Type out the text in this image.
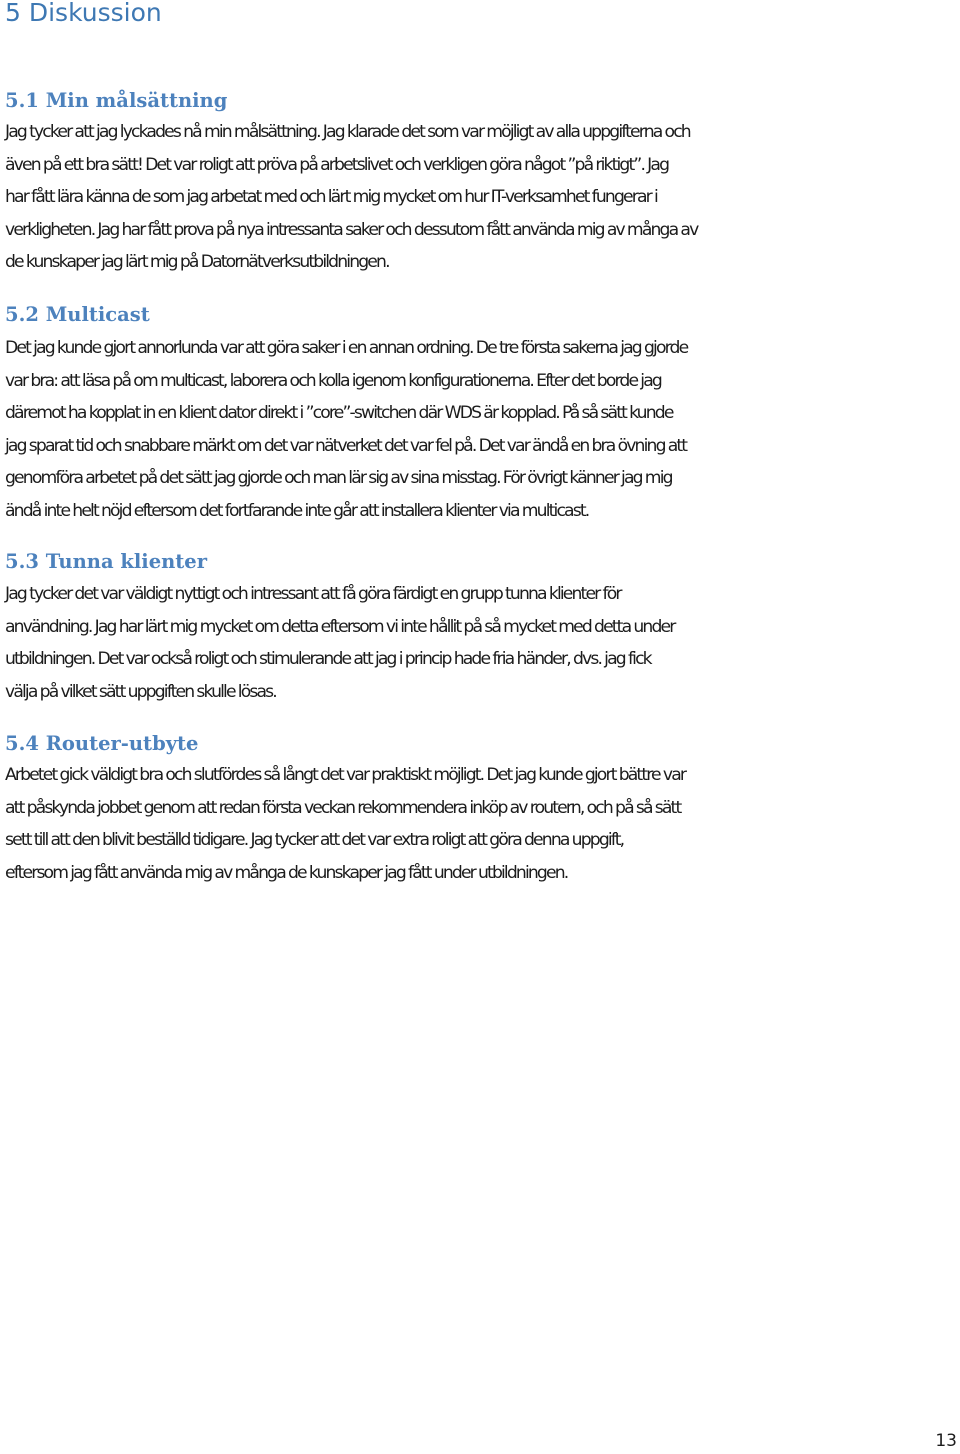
5 Diskussion
5.1 Min målsättning

Jag tycker att jag lyckades nå min målsättning. Jag klarade det som var möjligt av alla uppgifterna och
även på ett bra sätt! Det var roligt att pröva på arbetslivet och verkligen göra något ”på riktigt”. Jag
har fått lära känna de som jag arbetat med och lärt mig mycket om hur IT-verksamhet fungerar i
verkligheten. Jag har fått prova på nya intressanta saker och dessutom fått använda mig av många av
de kunskaper jag lärt mig på Datornätverksutbildningen.

5.2 Multicast

Det jag kunde gjort annorlunda var att göra saker i en annan ordning. De tre första sakerna jag gjorde
var bra: att läsa på om multicast, laborera och kolla igenom konfigurationerna. Efter det borde jag
däremot ha kopplat in en klient dator direkt i ”core”-switchen där WDS är kopplad. På så sätt kunde
jag sparat tid och snabbare märkt om det var nätverket det var fel på. Det var ändå en bra övning att
genomföra arbetet på det sätt jag gjorde och man lär sig av sina misstag. För övrigt känner jag mig
ändå inte helt nöjd eftersom det fortfarande inte går att installera klienter via multicast.

5.3 Tunna klienter

Jag tycker det var väldigt nyttigt och intressant att få göra färdigt en grupp tunna klienter för
användning. Jag har lärt mig mycket om detta eftersom vi inte hållit på så mycket med detta under
utbildningen. Det var också roligt och stimulerande att jag i princip hade fria händer, dvs. jag fick
välja på vilket sätt uppgiften skulle lösas.

5.4 Router-utbyte

Arbetet gick väldigt bra och slutfördes så långt det var praktiskt möjligt. Det jag kunde gjort bättre var
att påskynda jobbet genom att redan första veckan rekommendera inköp av routern, och på så sätt
sett till att den blivit beställd tidigare. Jag tycker att det var extra roligt att göra denna uppgift,
eftersom jag fått använda mig av många de kunskaper jag fått under utbildningen.

13
